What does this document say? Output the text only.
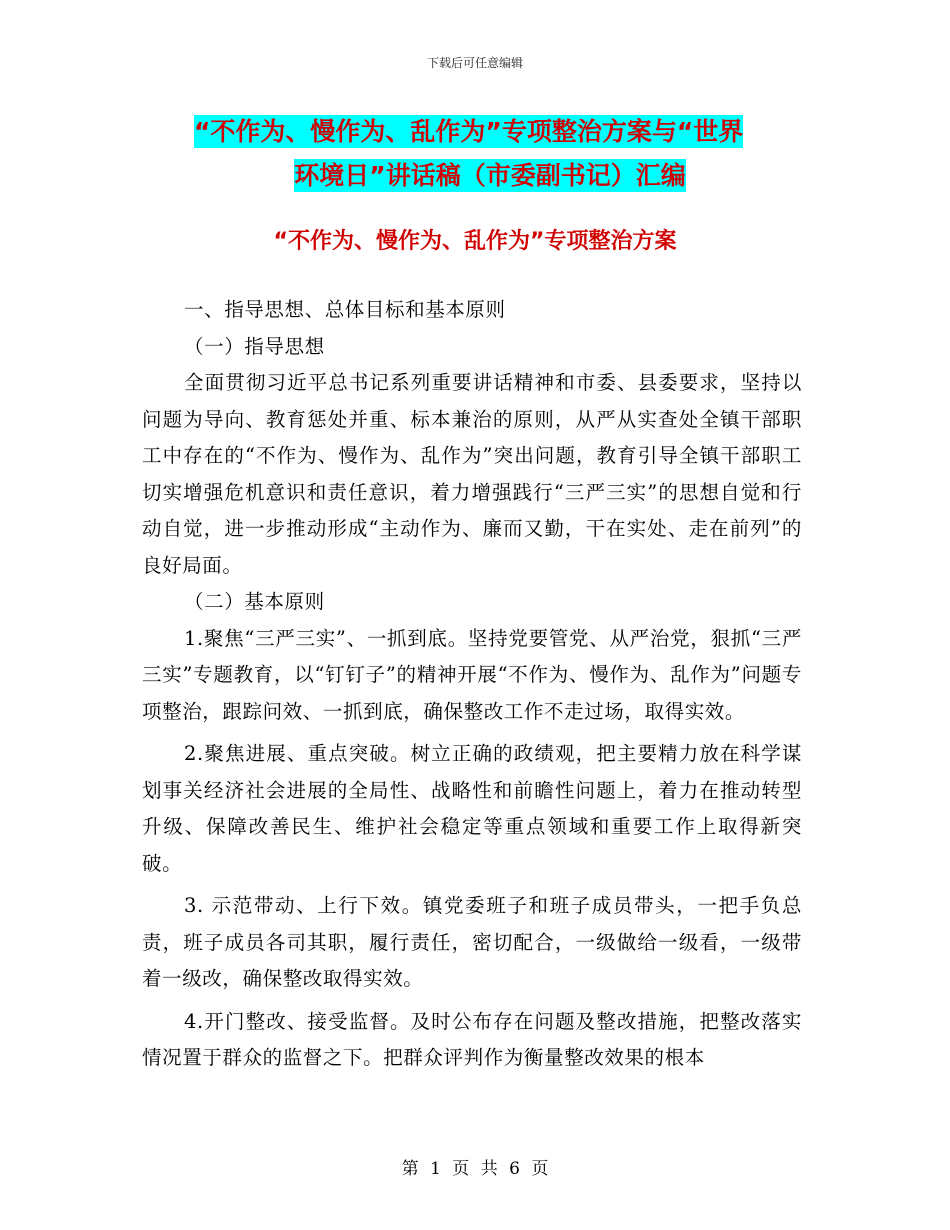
下载后可任意编辑
“不作为、慢作为、乱作为”专项整治方案与“世界
环境日”讲话稿（市委副书记）汇编
“不作为、慢作为、乱作为”专项整治方案

一、指导思想、总体目标和基本原则

（一）指导思想

全面贯彻习近平总书记系列重要讲话精神和市委、县委要求，坚持以问题为导向、教育惩处并重、标本兼治的原则，从严从实查处全镇干部职工中存在的“不作为、慢作为、乱作为”突出问题，教育引导全镇干部职工切实增强危机意识和责任意识，着力增强践行“三严三实”的思想自觉和行动自觉，进一步推动形成“主动作为、廉而又勤，干在实处、走在前列”的良好局面。

（二）基本原则

1.聚焦“三严三实”、一抓到底。坚持党要管党、从严治党，狠抓“三严三实”专题教育，以“钉钉子”的精神开展“不作为、慢作为、乱作为”问题专项整治，跟踪问效、一抓到底，确保整改工作不走过场，取得实效。

2.聚焦进展、重点突破。树立正确的政绩观，把主要精力放在科学谋划事关经济社会进展的全局性、战略性和前瞻性问题上，着力在推动转型升级、保障改善民生、维护社会稳定等重点领域和重要工作上取得新突破。

3. 示范带动、上行下效。镇党委班子和班子成员带头，一把手负总责，班子成员各司其职，履行责任，密切配合，一级做给一级看，一级带着一级改，确保整改取得实效。

4.开门整改、接受监督。及时公布存在问题及整改措施，把整改落实情况置于群众的监督之下。把群众评判作为衡量整改效果的根本

第 1 页 共 6 页
